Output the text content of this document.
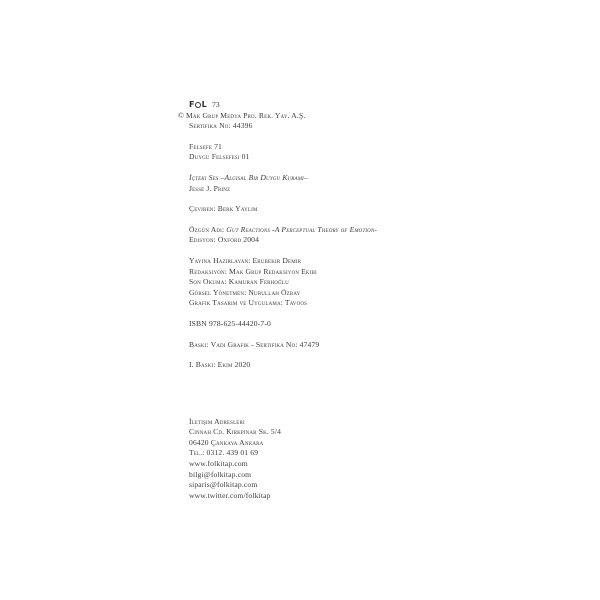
F L 73
© Mak Grup Medya Pro. Rek. Yay. A.Ş.
Sertifika No: 44396
Felsefe 71
Duygu Felsefesi 01
İçteki Ses –Algısal Bir Duygu Kuramı–
Jesse J. Prinz
Çeviren: Berk Yaylım
Özgün Adı: Gut Reactions -A Perceptual Theory of Emotion-
Edisyon: Oxford 2004
Yayına Hazırlayan: Ebubekir Demir
Redaksiyon: Mak Grup Redaksiyon Ekibi
Son Okuma: Kamuran Ferhoğlu
Görsel Yönetmen: Nurullah Özbay
Grafik Tasarım ve Uygulama: Tavoos
ISBN 978-625-44420-7-0
Baskı: Vadi Grafik - Sertifika No: 47479
I. Baskı: Ekim 2020
İletişim Adresleri
Cinnah Cd. Kırkpınar Sk. 5/4
06420 Çankaya Ankara
Tel.: 0312. 439 01 69
www.folkitap.com
bilgi@folkitap.com
siparis@folkitap.com
www.twitter.com/folkitap
